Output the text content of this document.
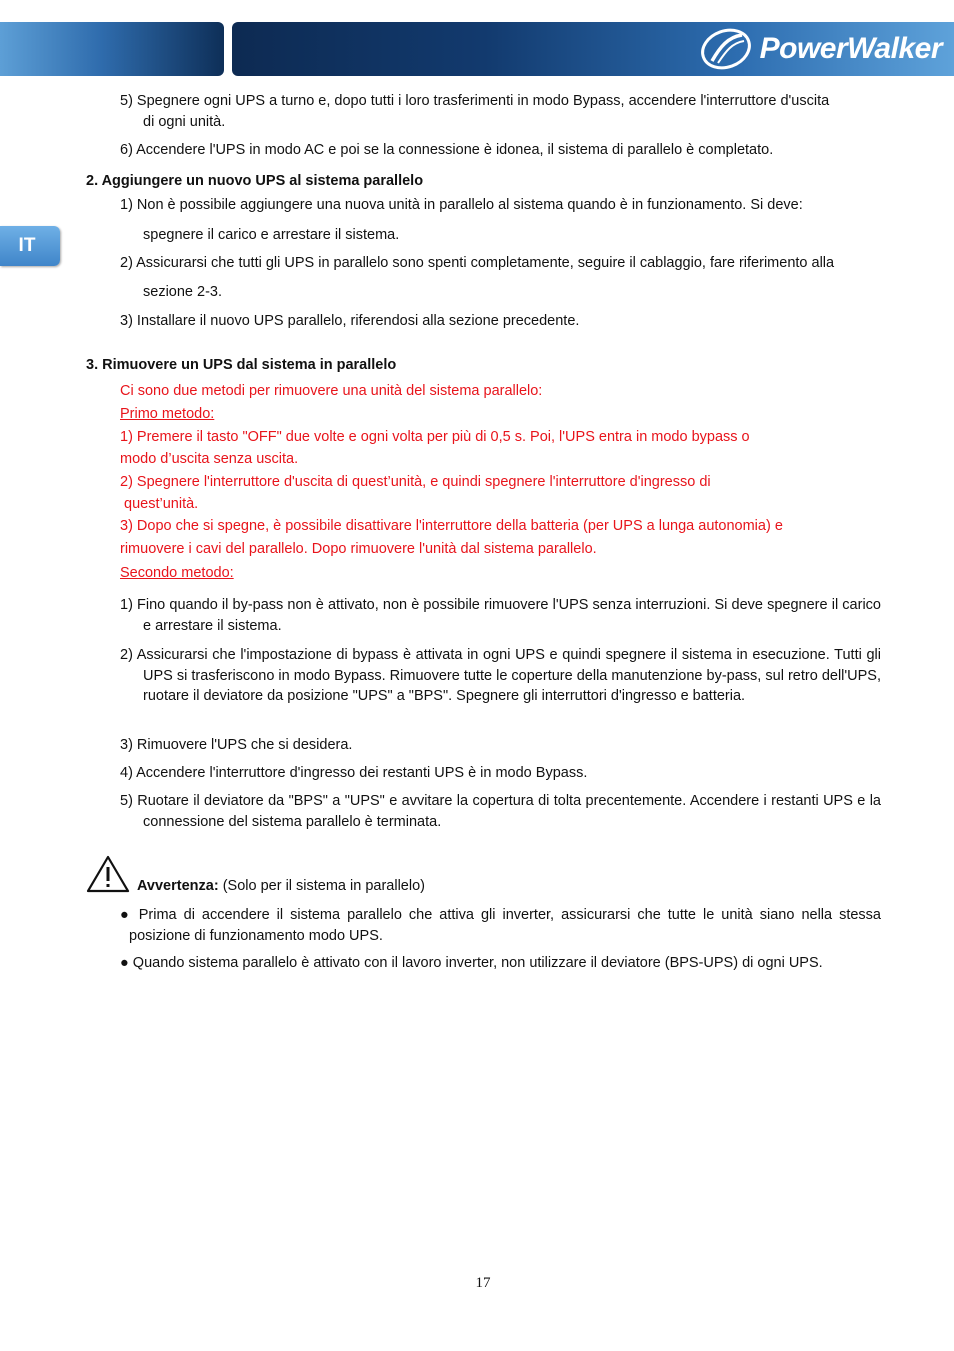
PowerWalker
IT
5) Spegnere ogni UPS a turno e, dopo tutti i loro trasferimenti in modo Bypass, accendere l'interruttore d'uscita
di ogni unità.
6) Accendere l'UPS in modo AC e poi se la connessione è idonea, il sistema di parallelo è completato.
2. Aggiungere un nuovo UPS al sistema parallelo
1) Non è possibile aggiungere una nuova unità in parallelo al sistema quando è in funzionamento. Si deve:
spegnere il carico e arrestare il sistema.
2) Assicurarsi che tutti gli UPS in parallelo sono spenti completamente, seguire il cablaggio, fare riferimento alla
sezione 2-3.
3) Installare il nuovo UPS parallelo, riferendosi alla sezione precedente.
3. Rimuovere un UPS dal sistema in parallelo
Ci sono due metodi per rimuovere una unità del sistema parallelo:
Primo metodo:
1) Premere il tasto "OFF" due volte e ogni volta per più di 0,5 s. Poi, l'UPS entra in modo bypass o
modo d’uscita senza uscita.
2) Spegnere l'interruttore d'uscita di quest’unità, e quindi spegnere l'interruttore d'ingresso di
quest’unità.
3) Dopo che si spegne, è possibile disattivare l'interruttore della batteria (per UPS a lunga autonomia) e
rimuovere i cavi del parallelo. Dopo rimuovere l'unità dal sistema parallelo.
Secondo metodo:
1) Fino quando il by-pass non è attivato, non è possibile rimuovere l'UPS senza interruzioni. Si deve spegnere il carico e arrestare il sistema.
2) Assicurarsi che l'impostazione di bypass è attivata in ogni UPS e quindi spegnere il sistema in esecuzione. Tutti gli UPS si trasferiscono in modo Bypass. Rimuovere tutte le coperture della manutenzione by-pass, sul retro dell'UPS, ruotare il deviatore da posizione "UPS" a "BPS". Spegnere gli interruttori d'ingresso e batteria.
3) Rimuovere l'UPS che si desidera.
4) Accendere l'interruttore d'ingresso dei restanti UPS è in modo Bypass.
5) Ruotare il deviatore da "BPS" a "UPS" e avvitare la copertura di tolta precentemente. Accendere i restanti UPS e la connessione del sistema parallelo è terminata.
Avvertenza: (Solo per il sistema in parallelo)
● Prima di accendere il sistema parallelo che attiva gli inverter, assicurarsi che tutte le unità siano nella stessa posizione di funzionamento modo UPS.
● Quando sistema parallelo è attivato con il lavoro inverter, non utilizzare il deviatore (BPS-UPS) di ogni UPS.
17
